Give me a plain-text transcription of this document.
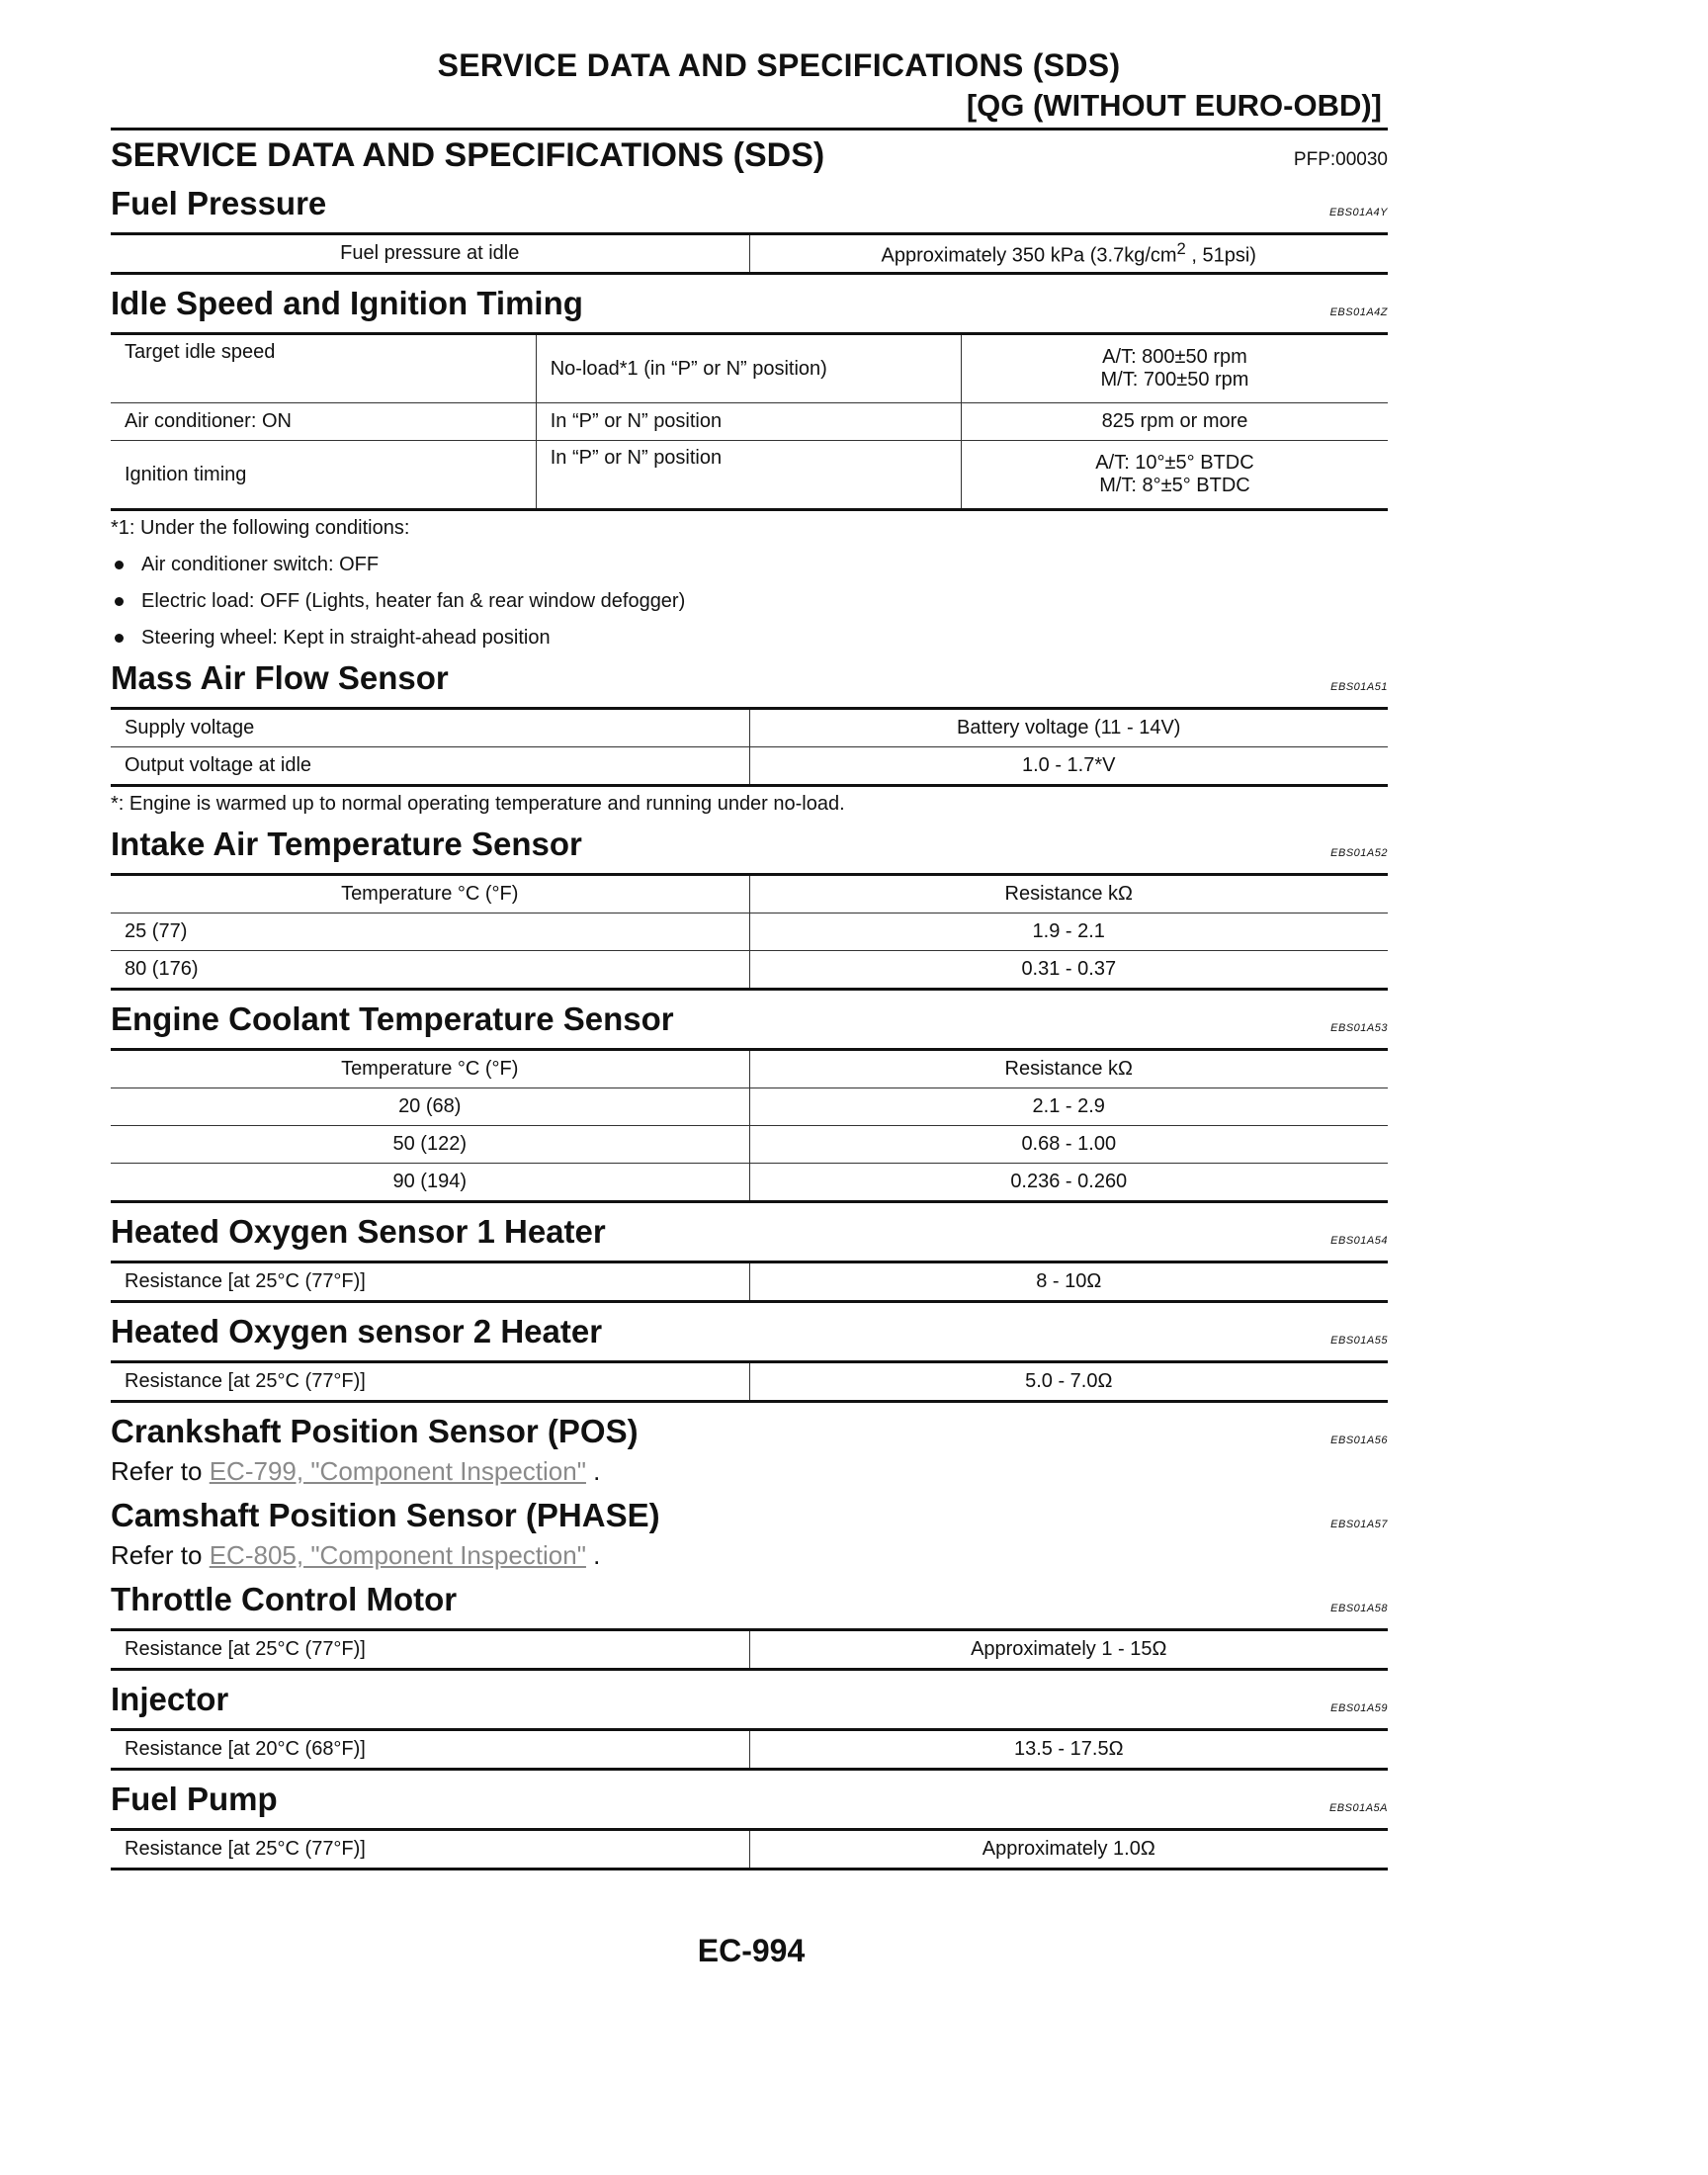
SERVICE DATA AND SPECIFICATIONS (SDS)
[QG (WITHOUT EURO-OBD)]
SERVICE DATA AND SPECIFICATIONS (SDS)	PFP:00030
Fuel Pressure	EBS01A4Y
Fuel pressure at idle	Approximately 350 kPa ($3.7kg/cm^2$ , 51psi)
Idle Speed and Ignition Timing	EBS01A4Z
Target idle speed	No-load*1 (in “P” or N” position)	A/T: 800±50 rpm
M/T: 700±50 rpm

Air conditioner: ON	In “P” or N” position	825 rpm or more
Ignition timing	In “P” or N” position	A/T: 10°±5° BTDC
M/T: 8°±5° BTDC
*1: Under the following conditions:
Air conditioner switch: OFF
Electric load: OFF (Lights, heater fan & rear window defogger)
Steering wheel: Kept in straight-ahead position
Mass Air Flow Sensor	EBS01A51
Supply voltage	Battery voltage (11 - 14V)
Output voltage at idle	1.0 - 1.7*V
*: Engine is warmed up to normal operating temperature and running under no-load.
Intake Air Temperature Sensor	EBS01A52
Temperature °C (°F)	Resistance kΩ
25 (77)	1.9 - 2.1
80 (176)	0.31 - 0.37
Engine Coolant Temperature Sensor	EBS01A53
Temperature °C (°F)	Resistance kΩ
20 (68)	2.1 - 2.9
50 (122)	0.68 - 1.00
90 (194)	0.236 - 0.260
Heated Oxygen Sensor 1 Heater	EBS01A54
Resistance [at 25°C (77°F)]	8 - 10Ω
Heated Oxygen sensor 2 Heater	EBS01A55
Resistance [at 25°C (77°F)]	5.0 - 7.0Ω
Crankshaft Position Sensor (POS)	EBS01A56
Refer to EC-799, "Component Inspection" .
Camshaft Position Sensor (PHASE)	EBS01A57
Refer to EC-805, "Component Inspection" .
Throttle Control Motor	EBS01A58
Resistance [at 25°C (77°F)]	Approximately 1 - 15Ω
Injector	EBS01A59
Resistance [at 20°C (68°F)]	13.5 - 17.5Ω
Fuel Pump	EBS01A5A
Resistance [at 25°C (77°F)]	Approximately 1.0Ω
EC-994
